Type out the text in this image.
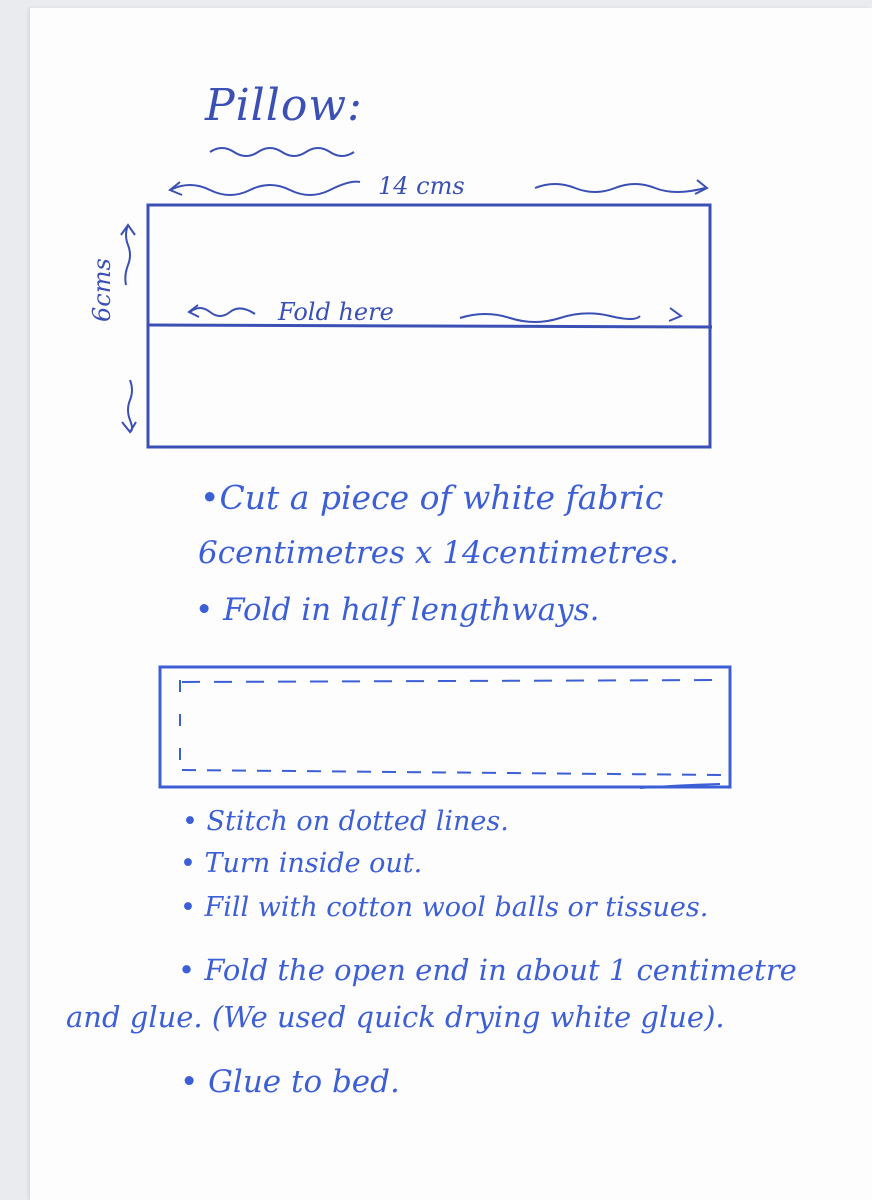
Pillow:
14 cms
Fold here
6cms
•Cut a piece of white fabric
6centimetres x 14centimetres.
• Fold in half lengthways.
• Stitch on dotted lines.
• Turn inside out.
• Fill with cotton wool balls or tissues.
• Fold the open end in about 1 centimetre
and glue. (We used quick drying white glue).
• Glue to bed.
